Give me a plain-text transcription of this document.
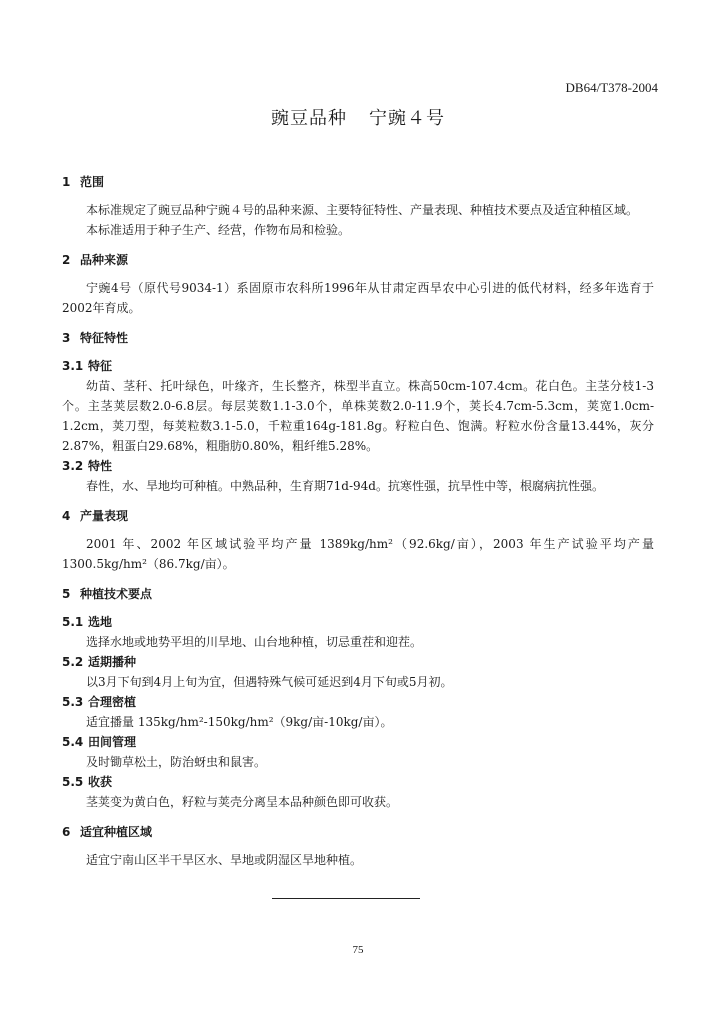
DB64/T378-2004
豌豆品种 宁豌４号
1 范围

本标准规定了豌豆品种宁豌４号的品种来源、主要特征特性、产量表现、种植技术要点及适宜种植区域。

本标准适用于种子生产、经营，作物布局和检验。

2 品种来源

宁豌4号（原代号9034-1）系固原市农科所1996年从甘肃定西旱农中心引进的低代材料，经多年选育于2002年育成。

3 特征特性
3.1 特征

幼苗、茎秆、托叶绿色，叶缘齐，生长整齐，株型半直立。株高50cm-107.4cm。花白色。主茎分枝1-3个。主茎荚层数2.0-6.8层。每层荚数1.1-3.0个，单株荚数2.0-11.9个，荚长4.7cm-5.3cm，荚宽1.0cm-1.2cm，荚刀型，每荚粒数3.1-5.0，千粒重164g-181.8g。籽粒白色、饱满。籽粒水份含量13.44%，灰分2.87%，粗蛋白29.68%，粗脂肪0.80%，粗纤维5.28%。

3.2 特性

春性，水、旱地均可种植。中熟品种，生育期71d-94d。抗寒性强，抗旱性中等，根腐病抗性强。

4 产量表现

2001 年、2002 年区域试验平均产量 1389kg/hm²（92.6kg/亩），2003 年生产试验平均产量1300.5kg/hm²（86.7kg/亩）。

5 种植技术要点
5.1 选地

选择水地或地势平坦的川旱地、山台地种植，切忌重茬和迎茬。

5.2 适期播种

以3月下旬到4月上旬为宜，但遇特殊气候可延迟到4月下旬或5月初。

5.3 合理密植

适宜播量 135kg/hm²-150kg/hm²（9kg/亩-10kg/亩）。

5.4 田间管理

及时锄草松土，防治蚜虫和鼠害。

5.5 收获

茎荚变为黄白色，籽粒与荚壳分离呈本品种颜色即可收获。

6 适宜种植区域

适宜宁南山区半干旱区水、旱地或阴湿区旱地种植。

75
